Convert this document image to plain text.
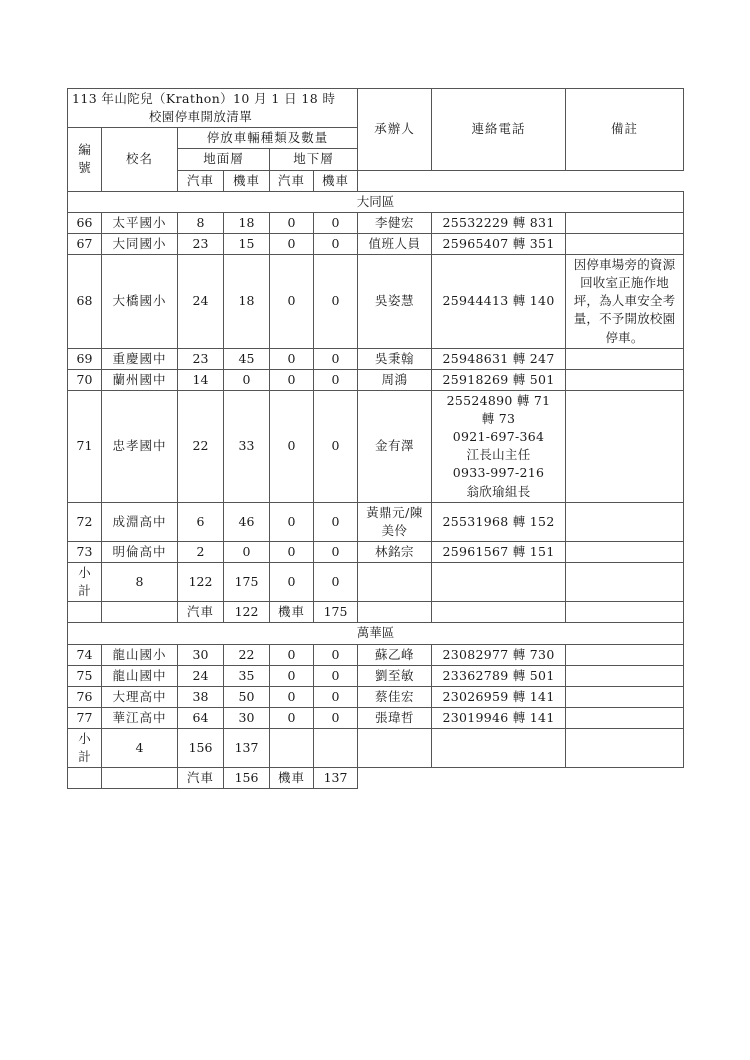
113 年山陀兒（Krathon）10 月 1 日 18 時
校園停車開放清單						承辦人	連絡電話	備註

編
號	校名	停放車輛種類及數量						
		地面層		地下層				
		汽車	機車	汽車	機車			
大同區								
66	太平國小	8	18	0	0	李健宏	25532229 轉 831	
67	大同國小	23	15	0	0	值班人員	25965407 轉 351	
68	大橋國小	24	18	0	0	吳姿慧	25944413 轉 140	因停車場旁的資源回收室正施作地坪，為人車安全考量，不予開放校園停車。
69	重慶國中	23	45	0	0	吳秉翰	25948631 轉 247	
70	蘭州國中	14	0	0	0	周鴻	25918269 轉 501	
71	忠孝國中	22	33	0	0	金有澤	25524890 轉 71
轉 73
0921-697-364
江長山主任
0933-997-216
翁欣瑜組長	
72	成淵高中	6	46	0	0	黃鼎元/陳美伶	25531968 轉 152	
73	明倫高中	2	0	0	0	林銘宗	25961567 轉 151	
小
計	8	122	175	0	0			
		汽車	122	機車	175			
萬華區								
74	龍山國小	30	22	0	0	蘇乙峰	23082977 轉 730	
75	龍山國中	24	35	0	0	劉至敏	23362789 轉 501	
76	大理高中	38	50	0	0	蔡佳宏	23026959 轉 141	
77	華江高中	64	30	0	0	張瑋哲	23019946 轉 141	
小
計	4	156	137					
		汽車	156	機車	137			
